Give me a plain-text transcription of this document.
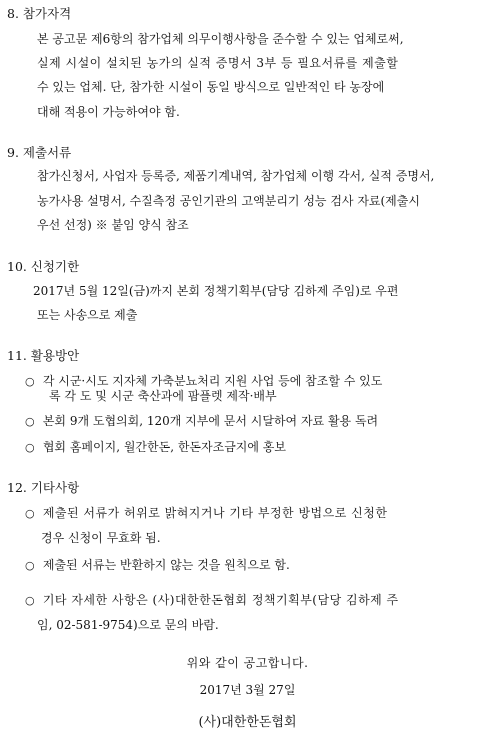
8. 참가자격
본 공고문 제6항의 참가업체 의무이행사항을 준수할 수 있는 업체로써,
실제 시설이 설치된 농가의 실적 증명서 3부 등 필요서류를 제출할
수 있는 업체. 단, 참가한 시설이 동일 방식으로 일반적인 타 농장에
대해 적용이 가능하여야 함.
9. 제출서류
참가신청서, 사업자 등록증, 제품기계내역, 참가업체 이행 각서, 실적 증명서,
농가사용 설명서, 수질측정 공인기관의 고액분리기 성능 검사 자료(제출시
우선 선정) ※ 붙임 양식 참조
10. 신청기한
2017년 5월 12일(금)까지 본회 정책기획부(담당 김하제 주임)로 우편
또는 사송으로 제출
11. 활용방안
○ 각 시군·시도 지자체 가축분뇨처리 지원 사업 등에 참조할 수 있도
록 각 도 및 시군 축산과에 팜플렛 제작·배부
○ 본회 9개 도협의회, 120개 지부에 문서 시달하여 자료 활용 독려
○ 협회 홈페이지, 월간한돈, 한돈자조금지에 홍보
12. 기타사항
○ 제출된 서류가 허위로 밝혀지거나 기타 부정한 방법으로 신청한
경우 신청이 무효화 됨.
○ 제출된 서류는 반환하지 않는 것을 원칙으로 함.
○ 기타 자세한 사항은 (사)대한한돈협회 정책기획부(담당 김하제 주
임, 02-581-9754)으로 문의 바람.
위와 같이 공고합니다.
2017년 3월 27일
(사)대한한돈협회
